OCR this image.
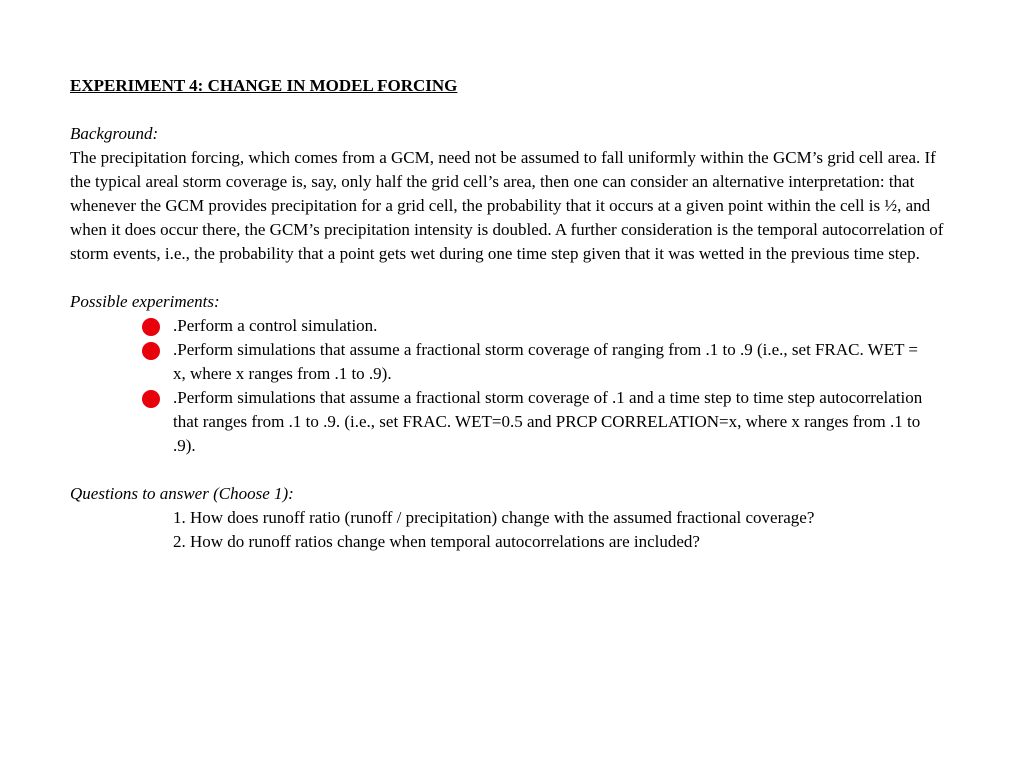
EXPERIMENT 4: CHANGE IN MODEL FORCING

Background:

The precipitation forcing, which comes from a GCM, need not be assumed to fall uniformly within the GCM’s grid cell area. If the typical areal storm coverage is, say, only half the grid cell’s area, then one can consider an alternative interpretation: that whenever the GCM provides precipitation for a grid cell, the probability that it occurs at a given point within the cell is ½, and when it does occur there, the GCM’s precipitation intensity is doubled. A further consideration is the temporal autocorrelation of storm events, i.e., the probability that a point gets wet during one time step given that it was wetted in the previous time step.

Possible experiments:

.Perform a control simulation.
.Perform simulations that assume a fractional storm coverage of ranging from .1 to .9 (i.e., set FRAC. WET = x, where x ranges from .1 to .9).
.Perform simulations that assume a fractional storm coverage of .1 and a time step to time step autocorrelation that ranges from .1 to .9. (i.e., set FRAC. WET=0.5 and PRCP CORRELATION=x, where x ranges from .1 to .9).

Questions to answer (Choose 1):

1. How does runoff ratio (runoff / precipitation) change with the assumed fractional coverage?

2. How do runoff ratios change when temporal autocorrelations are included?
